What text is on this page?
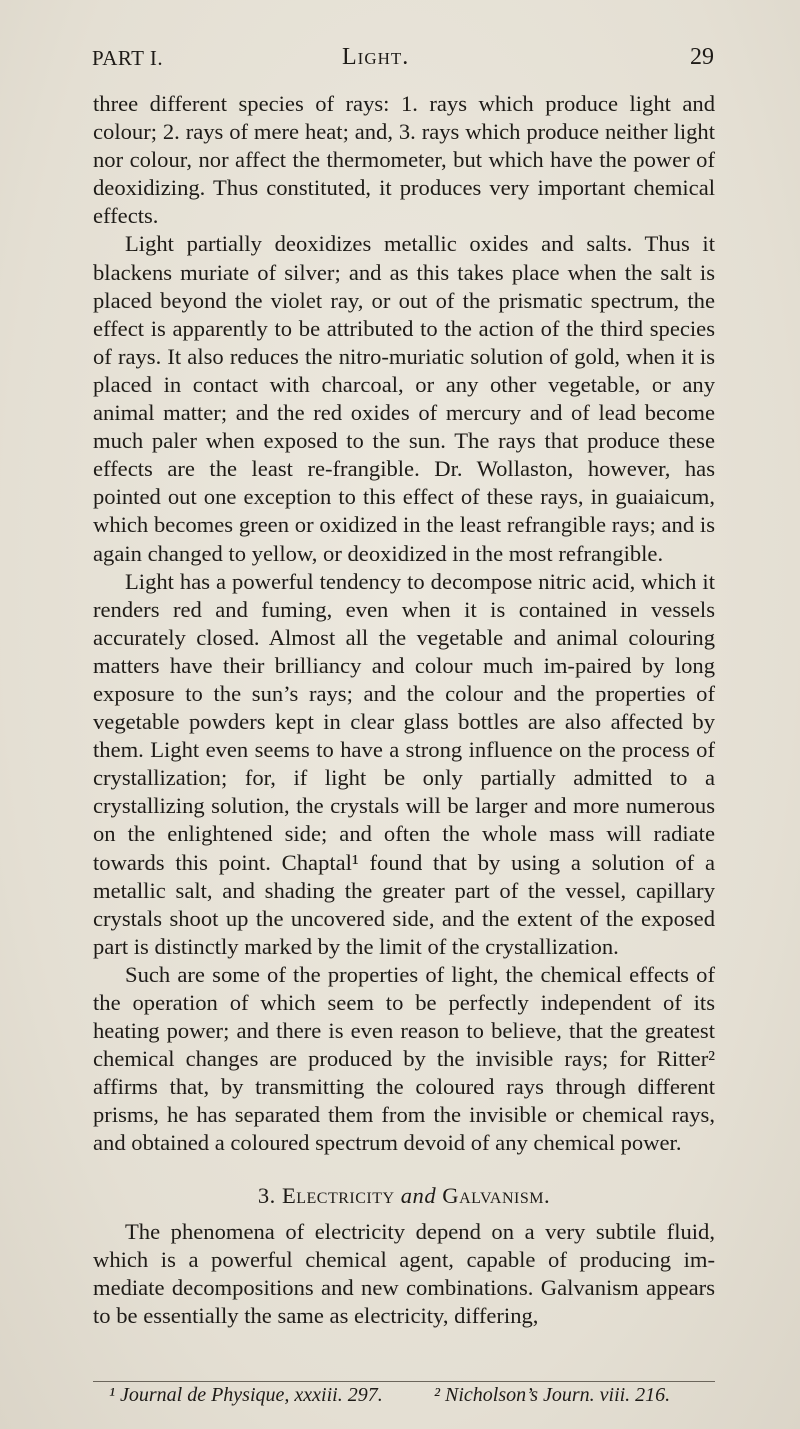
PART I.	Light.	29

three different species of rays: 1. rays which produce light and colour; 2. rays of mere heat; and, 3. rays which produce neither light nor colour, nor affect the thermometer, but which have the power of deoxidizing. Thus constituted, it produces very important chemical effects.

Light partially deoxidizes metallic oxides and salts. Thus it blackens muriate of silver; and as this takes place when the salt is placed beyond the violet ray, or out of the prismatic spectrum, the effect is apparently to be attributed to the action of the third species of rays. It also reduces the nitro-muriatic solution of gold, when it is placed in contact with charcoal, or any other vegetable, or any animal matter; and the red oxides of mercury and of lead become much paler when exposed to the sun. The rays that produce these effects are the least re-frangible. Dr. Wollaston, however, has pointed out one exception to this effect of these rays, in guaiaicum, which becomes green or oxidized in the least refrangible rays; and is again changed to yellow, or deoxidized in the most refrangible.

Light has a powerful tendency to decompose nitric acid, which it renders red and fuming, even when it is contained in vessels accurately closed. Almost all the vegetable and animal colouring matters have their brilliancy and colour much im-paired by long exposure to the sun’s rays; and the colour and the properties of vegetable powders kept in clear glass bottles are also affected by them. Light even seems to have a strong influence on the process of crystallization; for, if light be only partially admitted to a crystallizing solution, the crystals will be larger and more numerous on the enlightened side; and often the whole mass will radiate towards this point. Chaptal¹ found that by using a solution of a metallic salt, and shading the greater part of the vessel, capillary crystals shoot up the uncovered side, and the extent of the exposed part is distinctly marked by the limit of the crystallization.

Such are some of the properties of light, the chemical effects of the operation of which seem to be perfectly independent of its heating power; and there is even reason to believe, that the greatest chemical changes are produced by the invisible rays; for Ritter² affirms that, by transmitting the coloured rays through different prisms, he has separated them from the invisible or chemical rays, and obtained a coloured spectrum devoid of any chemical power.

3. Electricity and Galvanism.

The phenomena of electricity depend on a very subtile fluid, which is a powerful chemical agent, capable of producing im-mediate decompositions and new combinations. Galvanism appears to be essentially the same as electricity, differing,

¹ Journal de Physique, xxxiii. 297.	² Nicholson’s Journ. viii. 216.
